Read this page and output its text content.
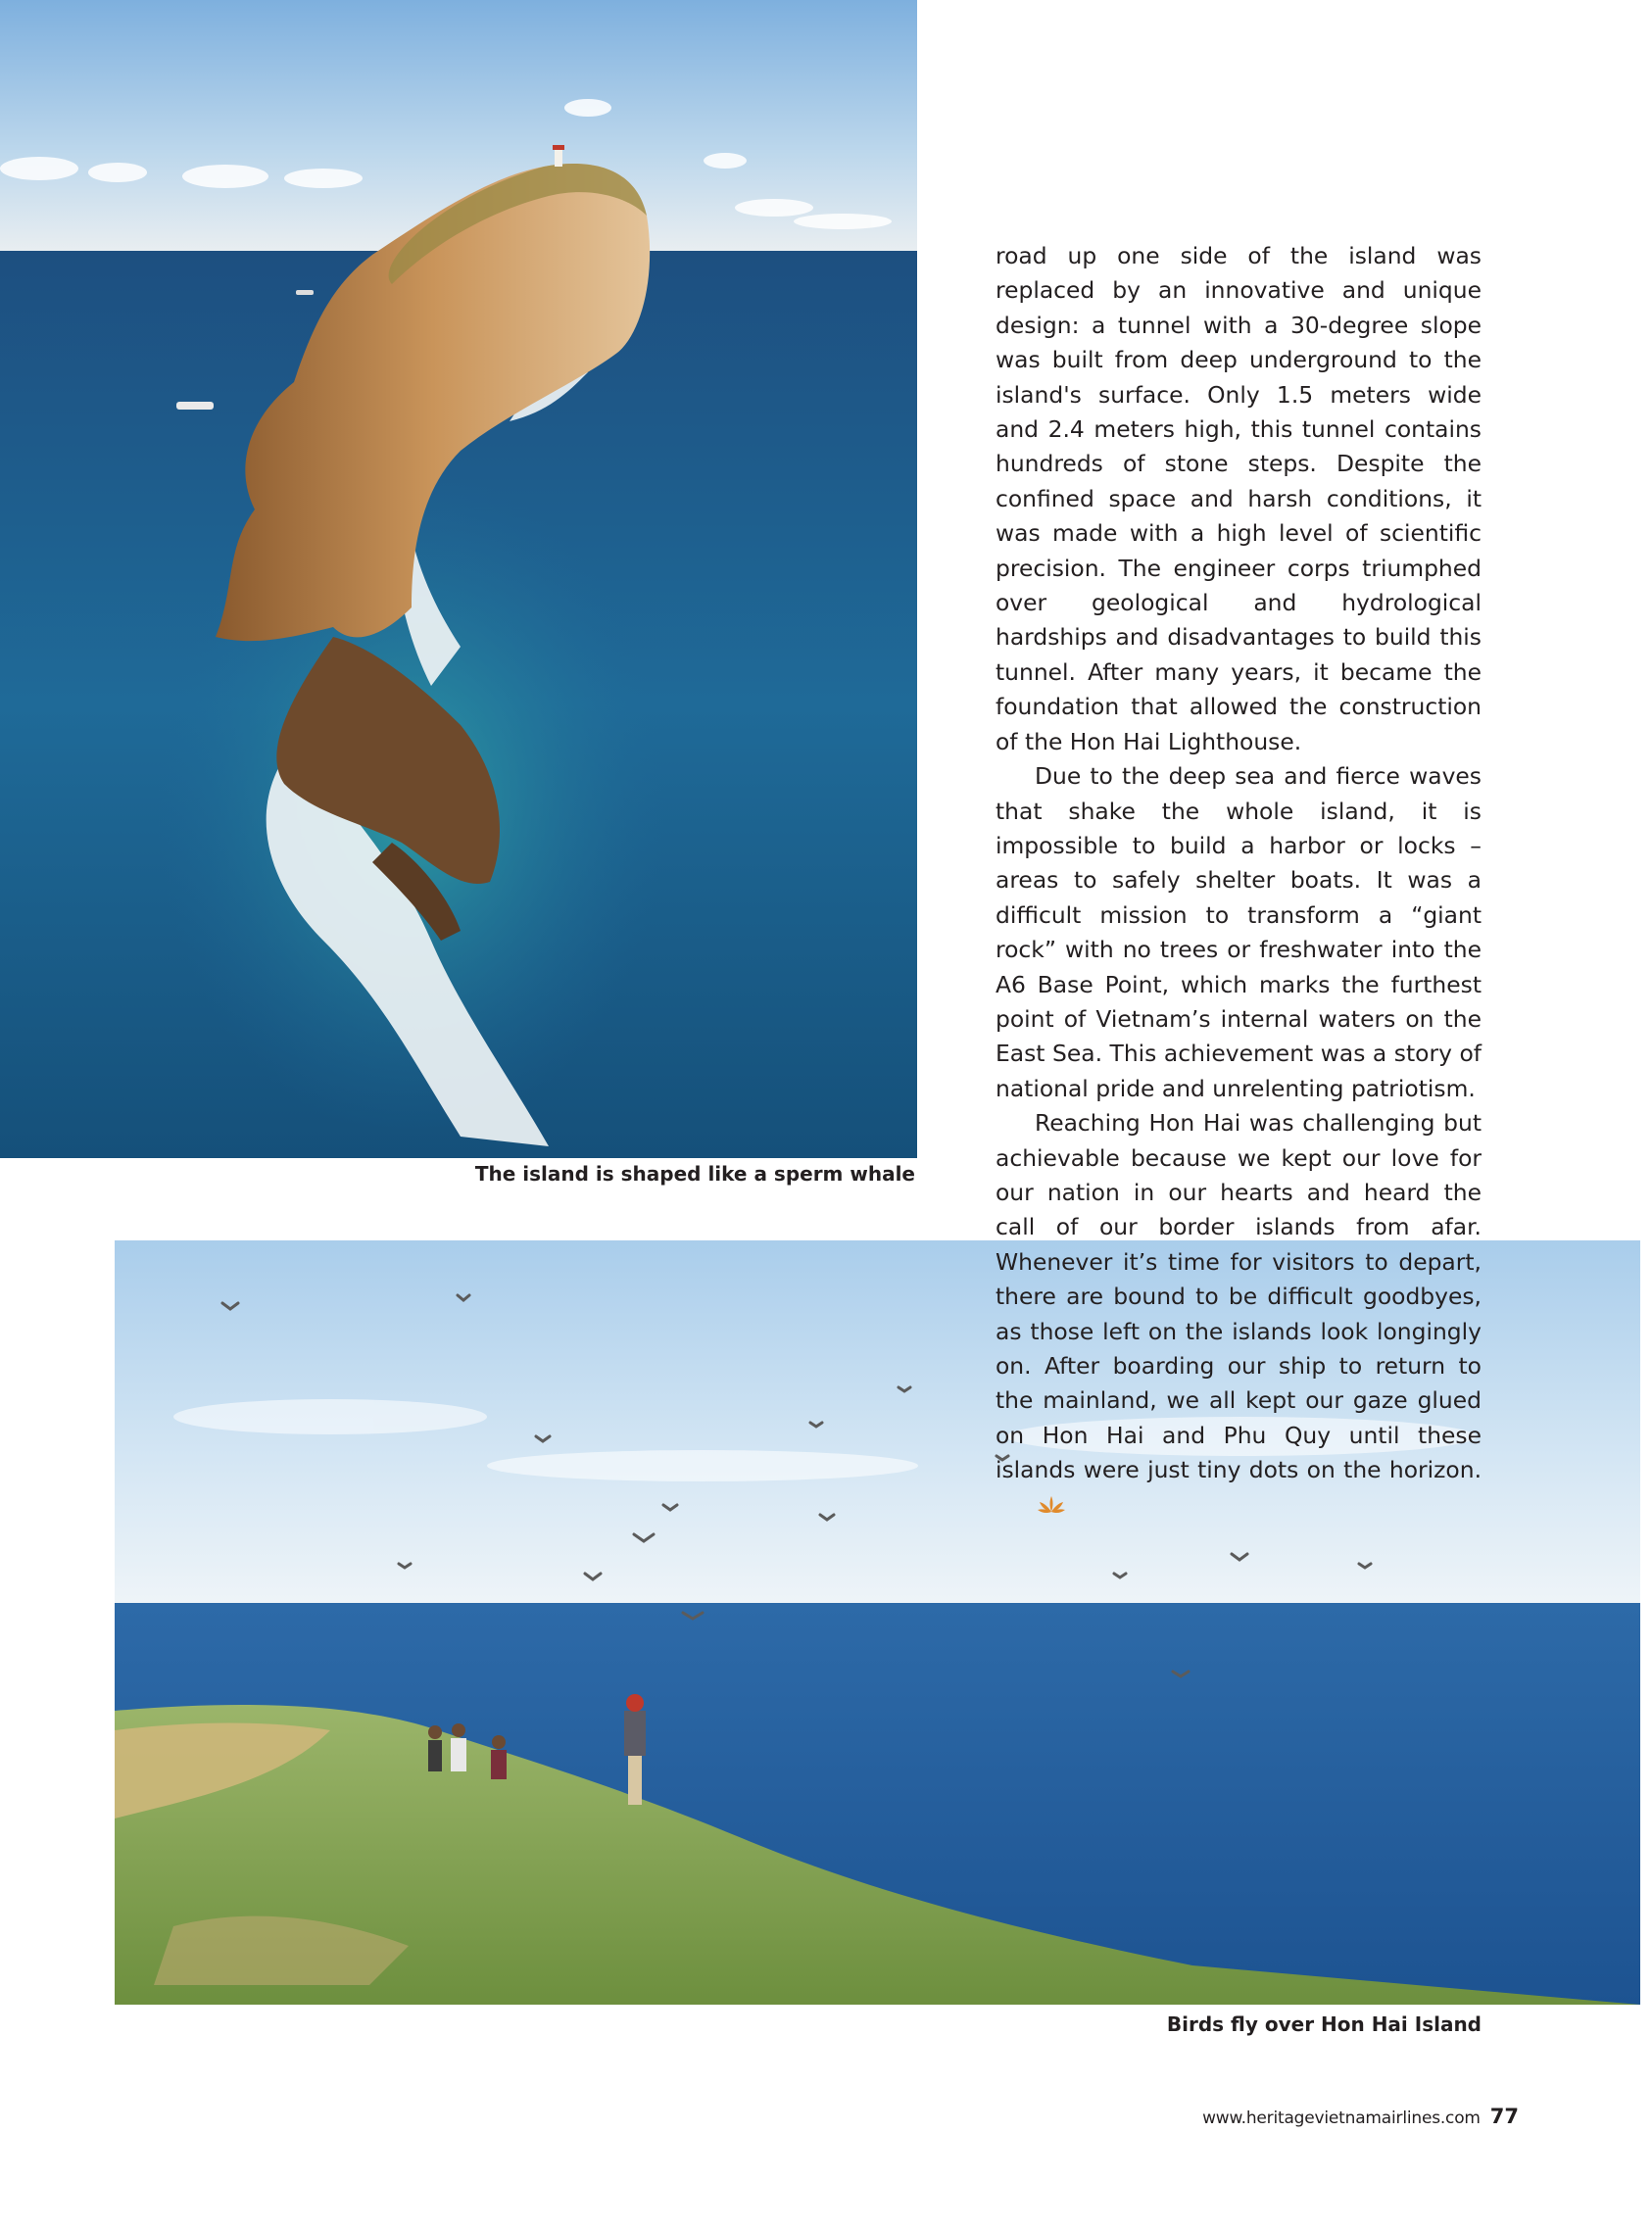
The island is shaped like a sperm whale
Birds fly over Hon Hai Island

road up one side of the island was replaced by an innovative and unique design: a tunnel with a 30-degree slope was built from deep underground to the island's surface. Only 1.5 meters wide and 2.4 meters high, this tunnel contains hundreds of stone steps. Despite the confined space and harsh conditions, it was made with a high level of scientific precision. The engineer corps triumphed over geological and hydrological hardships and disadvantages to build this tunnel. After many years, it became the foundation that allowed the construction of the Hon Hai Lighthouse.

Due to the deep sea and fierce waves that shake the whole island, it is impossible to build a harbor or locks – areas to safely shelter boats. It was a difficult mission to transform a “giant rock” with no trees or freshwater into the A6 Base Point, which marks the furthest point of Vietnam’s internal waters on the East Sea. This achievement was a story of national pride and unrelenting patriotism.

Reaching Hon Hai was challenging but achievable because we kept our love for our nation in our hearts and heard the call of our border islands from afar. Whenever it’s time for visitors to depart, there are bound to be difficult goodbyes, as those left on the islands look longingly on. After boarding our ship to return to the mainland, we all kept our gaze glued on Hon Hai and Phu Quy until these islands were just tiny dots on the horizon.

www.heritagevietnamairlines.com 77
